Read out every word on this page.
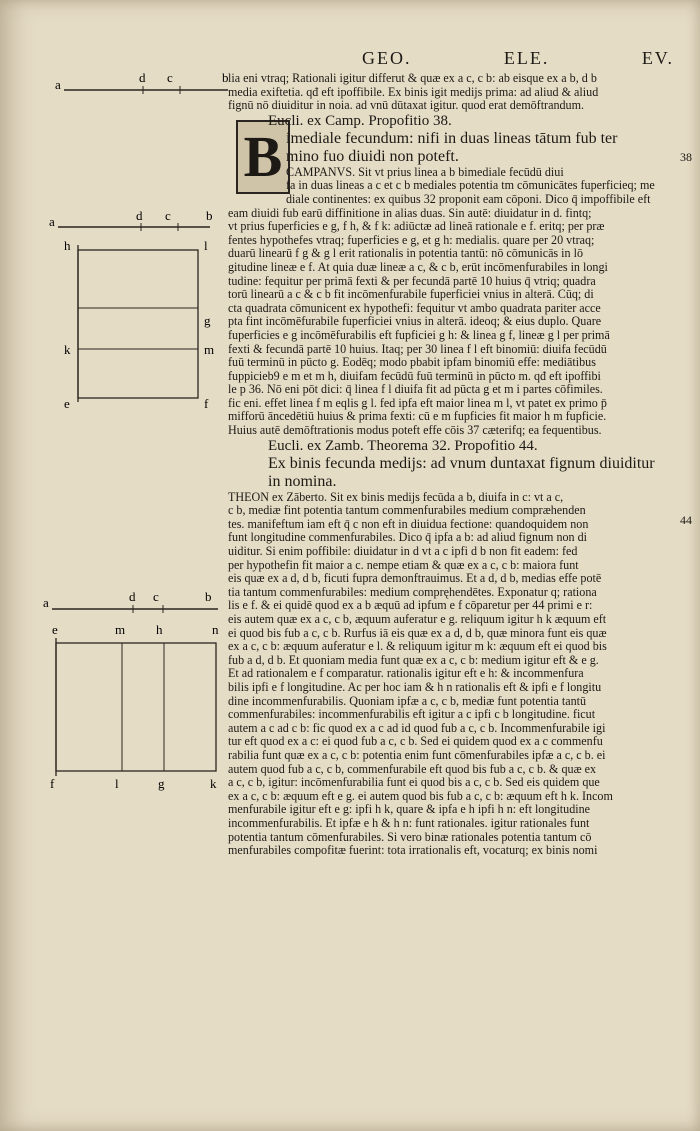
GEO.	ELE.	EV.
38
44
a	d c	b
a	d c	b
h	l
g
k	m
e	f
a	d c	b
e	m h	n
f	l	g	k
B
lia eni vtraq; Rationali igitur differut & quæ ex a c, c b: ab eisque ex a b, d b
media exiftetia. qđ eft ipoffibile. Ex binis igit medijs prima: ad aliud & aliud
fignū nō diuiditur in noia. ad vnū dūtaxat igitur. quod erat demōftrandum.
Eucli. ex Camp. Propofitio 38.
imediale fecundum: nifi in duas lineas tātum fub ter
mino fuo diuidi non poteft.
CAMPANVS. Sit vt prius linea a b bimediale fecūdū diui
fa in duas lineas a c et c b mediales potentia tm cōmunicātes fuperficieq; me
diale continentes: ex quibus 32 proponit eam cōponi. Dico q̄ impoffibile eft
eam diuidi fub earū diffinitione in alias duas. Sin autē: diuidatur in d. fintq;
vt prius fuperficies e g, f h, & f k: adiūctæ ad lineā rationale e f. eritq; per præ
fentes hypothefes vtraq; fuperficies e g, et g h: medialis. quare per 20 vtraq;
duarū linearū f g & g l erit rationalis in potentia tantū: nō cōmunicās in lō
gitudine lineæ e f. At quia duæ lineæ a c, & c b, erūt incōmenfurabiles in longi
tudine: fequitur per primā fexti & per fecundā partē 10 huius q̄ vtriq; quadra
torū linearū a c & c b fit incōmenfurabile fuperficiei vnius in alterā. Cūq; di
cta quadrata cōmunicent ex hypothefi: fequitur vt ambo quadrata pariter acce
pta fint incōmēfurabile fuperficiei vnius in alterā. ideoq; & eius duplo. Quare
fuperficies e g incōmēfurabilis eft fupficiei g h: & linea g f, lineæ g l per primā
fexti & fecundā partē 10 huius. Itaq; per 30 linea f l eft binomiū: diuifa fecūdū
fuū terminū in pūcto g. Eodēq; modo pbabit ipfam binomiū effe: mediātibus
fuppicieb9 e m et m h, diuifam fecūdū fuū terminū in pūcto m. qđ eft ipoffibi
le p 36. Nō eni pōt dici: q̄ linea f l diuifa fit ad pūcta g et m i partes cōfimiles.
fic eni. effet linea f m eqlis g l. fed ipfa eft maior linea m l, vt patet ex primo p̄
mifforū āncedētiū huius & prima fexti: cū e m fupficies fit maior h m fupficie.
Huius autē demōftrationis modus poteft effe cōis 37 cæterifq; ea fequentibus.
Eucli. ex Zamb. Theorema 32. Propofitio 44.
Ex binis fecunda medijs: ad vnum duntaxat fignum diuiditur
in nomina.
THEON ex Zāberto. Sit ex binis medijs fecūda a b, diuifa in c: vt a c,
c b, mediæ fint potentia tantum commenfurabiles medium compræhenden
tes. manifeftum iam eft q̄ c non eft in diuidua fectione: quandoquidem non
funt longitudine commenfurabiles. Dico q̄ ipfa a b: ad aliud fignum non di
uiditur. Si enim poffibile: diuidatur in d vt a c ipfi d b non fit eadem: fed
per hypothefin fit maior a c. nempe etiam & quæ ex a c, c b: maiora funt
eis quæ ex a d, d b, ficuti fupra demonftrauimus. Et a d, d b, medias effe potē
tia tantum commenfurabiles: medium compręhendētes. Exponatur q; rationa
lis e f. & ei quidē quod ex a b æquū ad ipfum e f cōparetur per 44 primi e r:
eis autem quæ ex a c, c b, æquum auferatur e g. reliquum igitur h k æquum eft
ei quod bis fub a c, c b. Rurfus iā eis quæ ex a d, d b, quæ minora funt eis quæ
ex a c, c b: æquum auferatur e l. & reliquum igitur m k: æquum eft ei quod bis
fub a d, d b. Et quoniam media funt quæ ex a c, c b: medium igitur eft & e g.
Et ad rationalem e f comparatur. rationalis igitur eft e h: & incommenfura
bilis ipfi e f longitudine. Ac per hoc iam & h n rationalis eft & ipfi e f longitu
dine incommenfurabilis. Quoniam ipfæ a c, c b, mediæ funt potentia tantū
commenfurabiles: incommenfurabilis eft igitur a c ipfi c b longitudine. ficut
autem a c ad c b: fic quod ex a c ad id quod fub a c, c b. Incommenfurabile igi
tur eft quod ex a c: ei quod fub a c, c b. Sed ei quidem quod ex a c commenfu
rabilia funt quæ ex a c, c b: potentia enim funt cōmenfurabiles ipfæ a c, c b. ei
autem quod fub a c, c b, commenfurabile eft quod bis fub a c, c b. & quæ ex
a c, c b, igitur: incōmenfurabilia funt ei quod bis a c, c b. Sed eis quidem que
ex a c, c b: æquum eft e g. ei autem quod bis fub a c, c b: æquum eft h k. Incom
menfurabile igitur eft e g: ipfi h k, quare & ipfa e h ipfi h n: eft longitudine
incommenfurabilis. Et ipfæ e h & h n: funt rationales. igitur rationales funt
potentia tantum cōmenfurabiles. Si vero binæ rationales potentia tantum cō
menfurabiles compofitæ fuerint: tota irrationalis eft, vocaturq; ex binis nomi
